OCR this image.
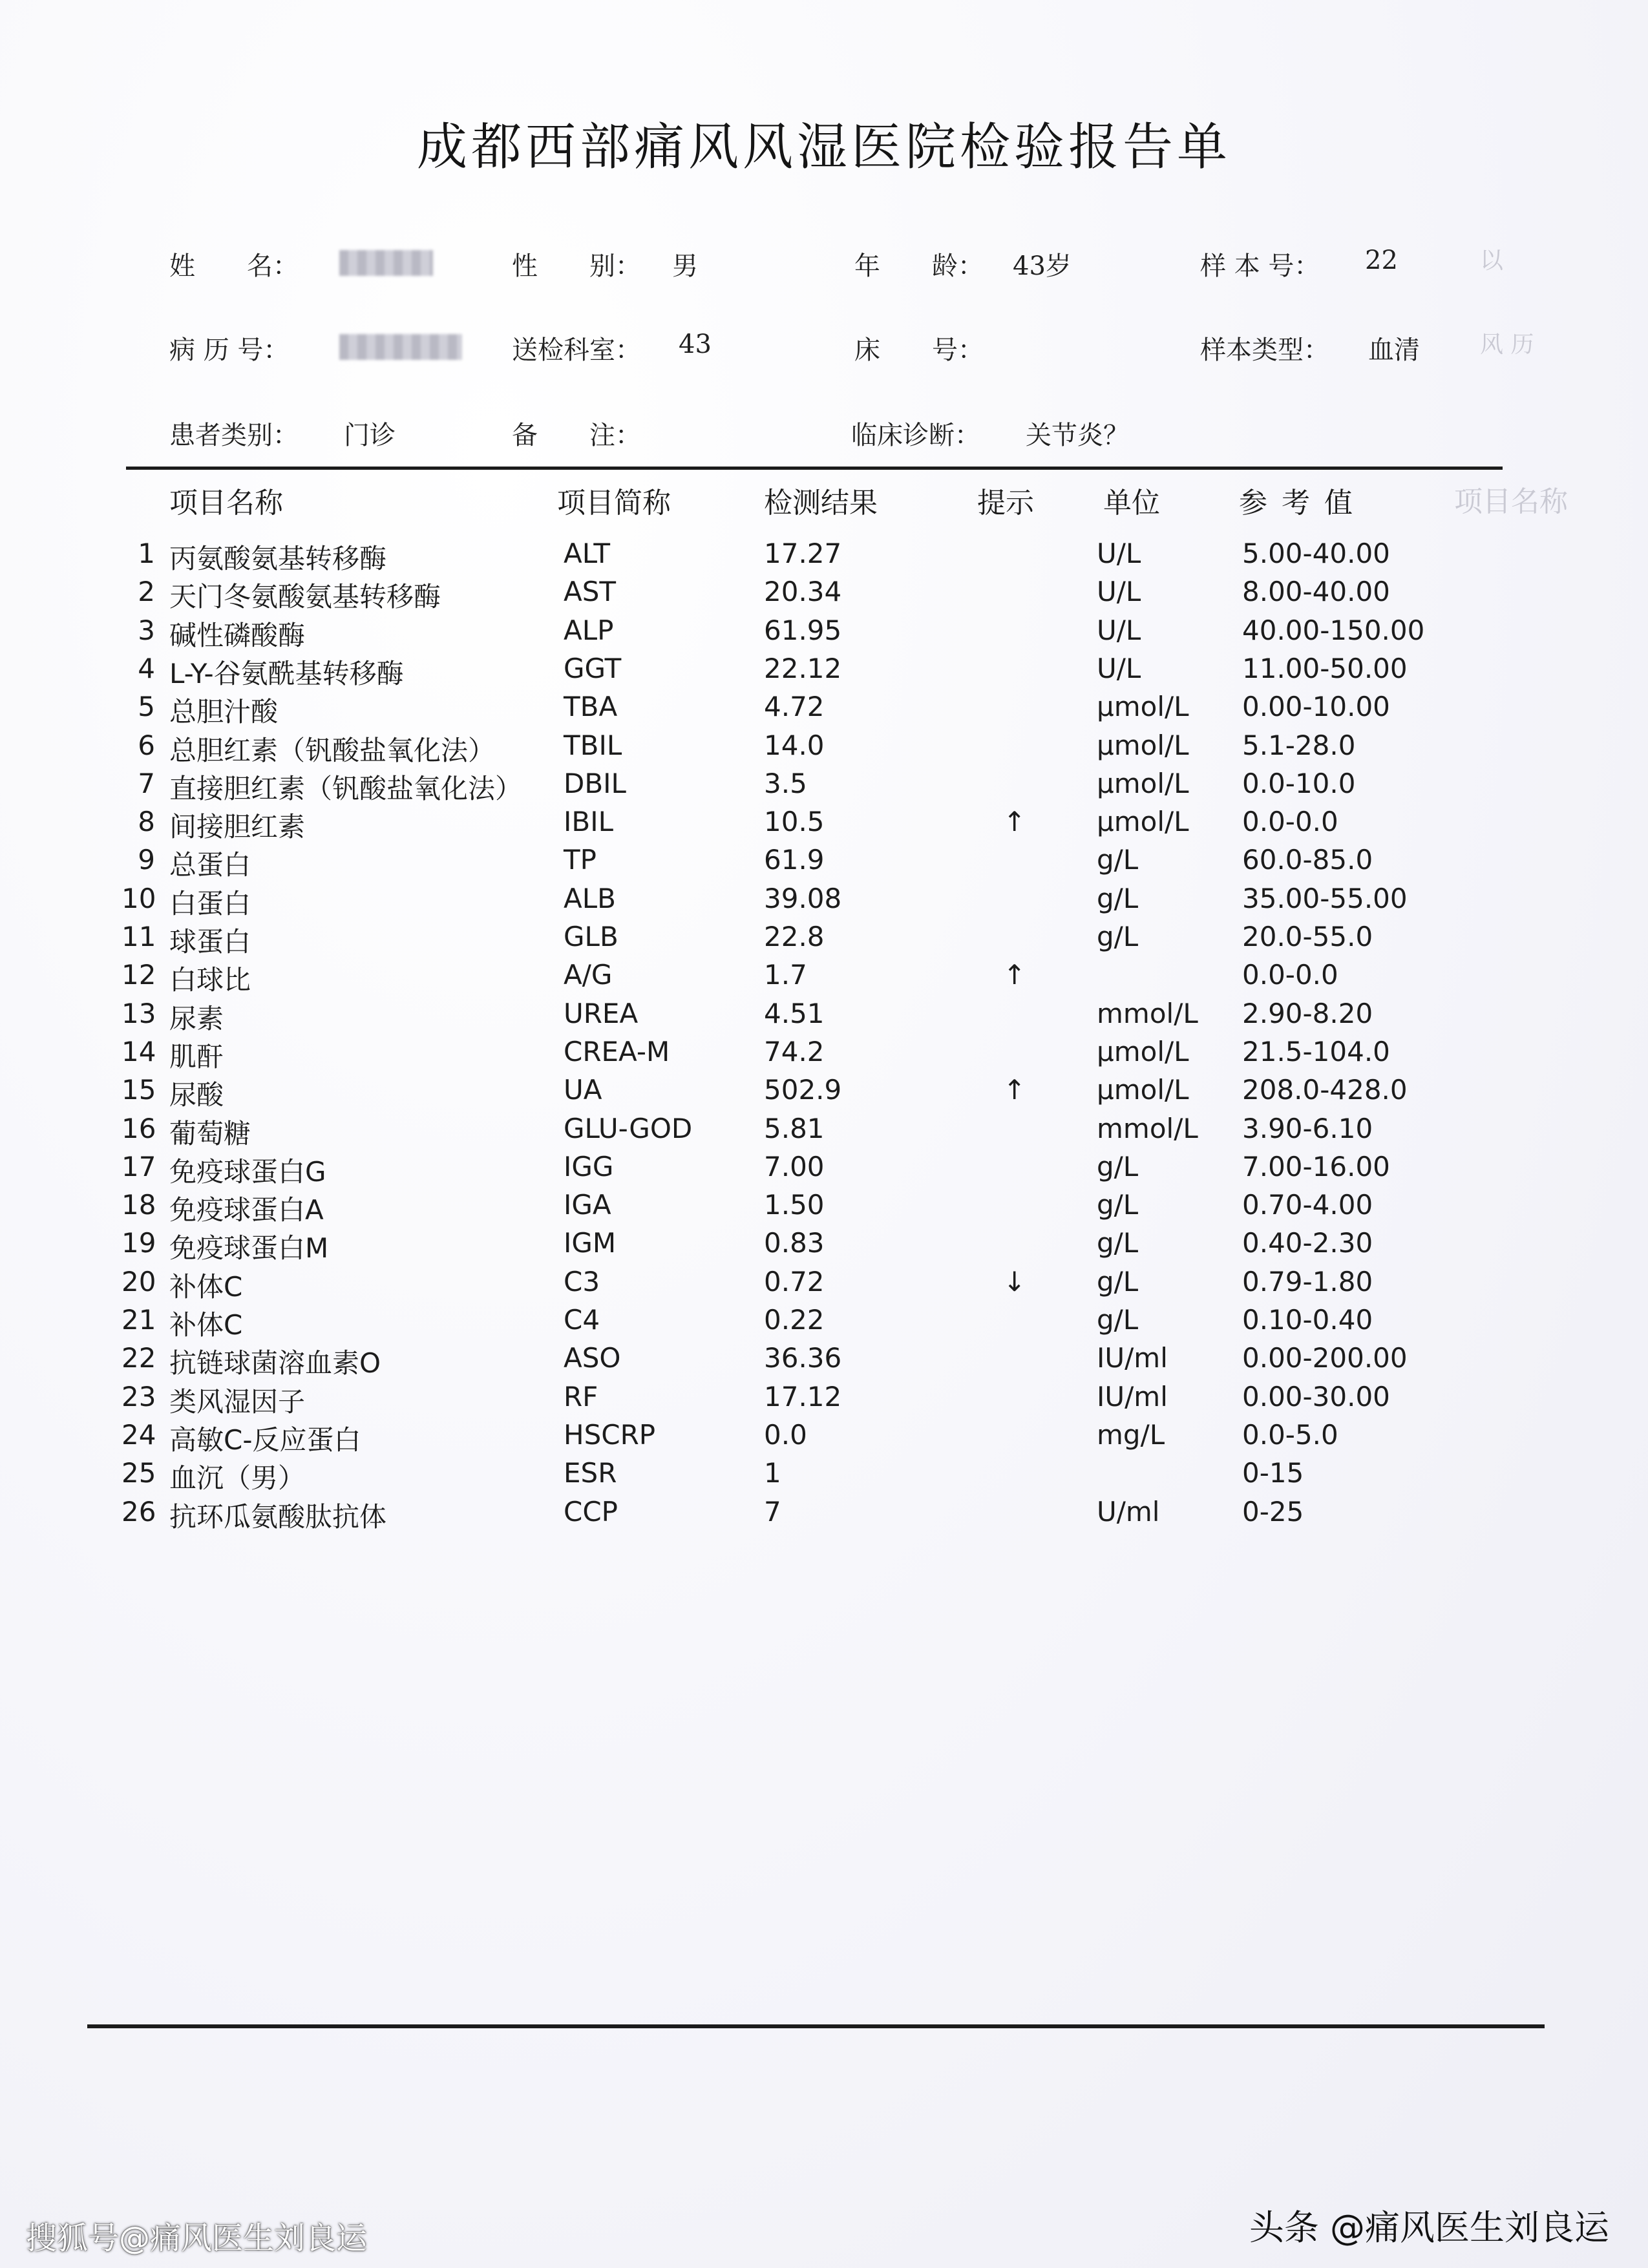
以
风 历
项目名称
成都西部痛风风湿医院检验报告单
姓　　名：	性　　别： 男	年　　龄： 43岁	样 本 号： 22
病 历 号：	送检科室： 43	床　　号：	样本类型： 血清
患者类别： 门诊	备　　注：	临床诊断： 关节炎？
项目名称	项目简称	检测结果	提示 单位	参 考 值
1 丙氨酸氨基转移酶	ALT	17.27	U/L	5.00-40.00
2 天门冬氨酸氨基转移酶	AST	20.34	U/L	8.00-40.00
3 碱性磷酸酶	ALP	61.95	U/L	40.00-150.00
4 L-Y-谷氨酰基转移酶	GGT	22.12	U/L	11.00-50.00
5 总胆汁酸	TBA	4.72	μmol/L 0.00-10.00
6 总胆红素（钒酸盐氧化法）	TBIL	14.0	μmol/L 5.1-28.0
7 直接胆红素（钒酸盐氧化法） DBIL	3.5	μmol/L 0.0-10.0
8 间接胆红素	IBIL	10.5	↑	μmol/L 0.0-0.0
9 总蛋白	TP	61.9	g/L	60.0-85.0
10 白蛋白	ALB	39.08	g/L	35.00-55.00
11 球蛋白	GLB	22.8	g/L	20.0-55.0
12 白球比	A/G	1.7	↑	0.0-0.0
13 尿素	UREA	4.51	mmol/L 2.90-8.20
14 肌酐	CREA-M	74.2	μmol/L 21.5-104.0
15 尿酸	UA	502.9	↑	μmol/L 208.0-428.0
16 葡萄糖	GLU-GOD	5.81	mmol/L 3.90-6.10
17 免疫球蛋白G	IGG	7.00	g/L	7.00-16.00
18 免疫球蛋白A	IGA	1.50	g/L	0.70-4.00
19 免疫球蛋白M	IGM	0.83	g/L	0.40-2.30
20 补体C	C3	0.72	↓	g/L	0.79-1.80
21 补体C	C4	0.22	g/L	0.10-0.40
22 抗链球菌溶血素O	ASO	36.36	IU/ml	0.00-200.00
23 类风湿因子	RF	17.12	IU/ml	0.00-30.00
24 高敏C-反应蛋白	HSCRP	0.0	mg/L	0.0-5.0
25 血沉（男）	ESR	1	0-15
26 抗环瓜氨酸肽抗体	CCP	7	U/ml	0-25
搜狐号@痛风医生刘良运	头条 @痛风医生刘良运
